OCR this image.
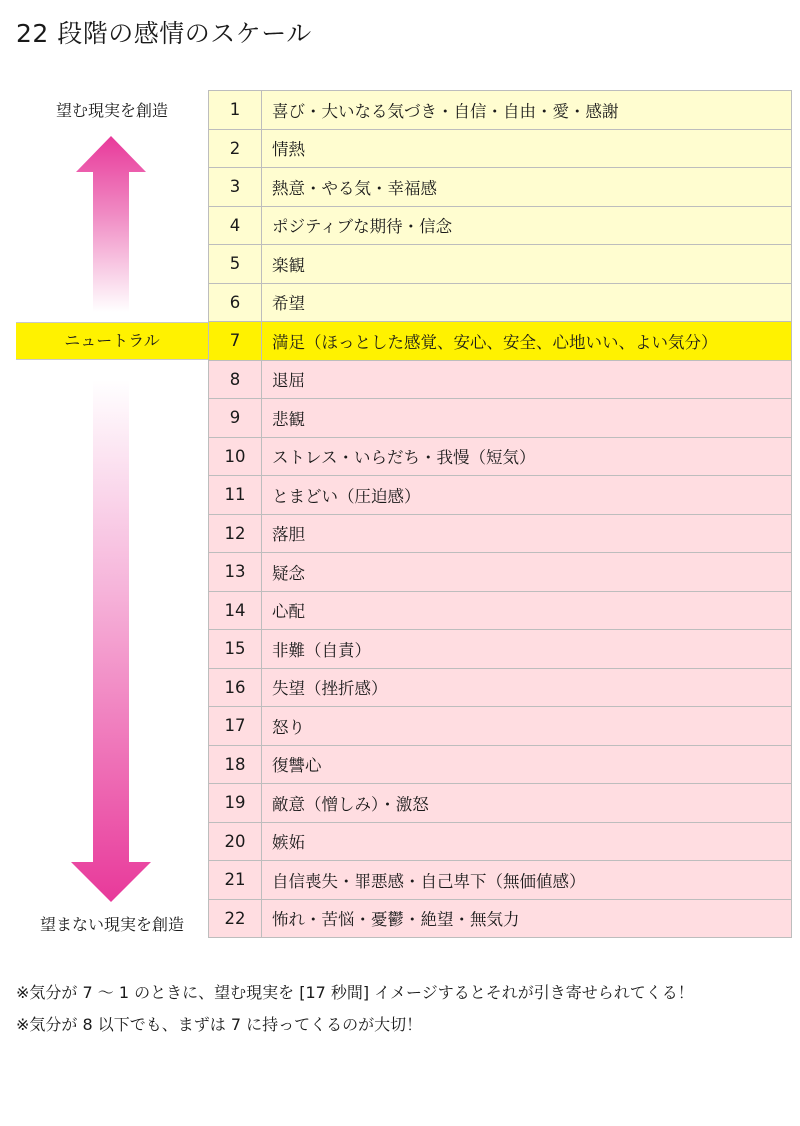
22 段階の感情のスケール
望む現実を創造
ニュートラル
望まない現実を創造
1	喜び・大いなる気づき・自信・自由・愛・感謝
2	情熱
3	熱意・やる気・幸福感
4	ポジティブな期待・信念
5	楽観
6	希望
7	満足（ほっとした感覚、安心、安全、心地いい、よい気分）
8	退屈
9	悲観
10	ストレス・いらだち・我慢（短気）
11	とまどい（圧迫感）
12	落胆
13	疑念
14	心配
15	非難（自責）
16	失望（挫折感）
17	怒り
18	復讐心
19	敵意（憎しみ）・激怒
20	嫉妬
21	自信喪失・罪悪感・自己卑下（無価値感）
22	怖れ・苦悩・憂鬱・絶望・無気力
※気分が 7 〜 1 のときに、望む現実を [17 秒間] イメージするとそれが引き寄せられてくる！
※気分が 8 以下でも、まずは 7 に持ってくるのが大切！
